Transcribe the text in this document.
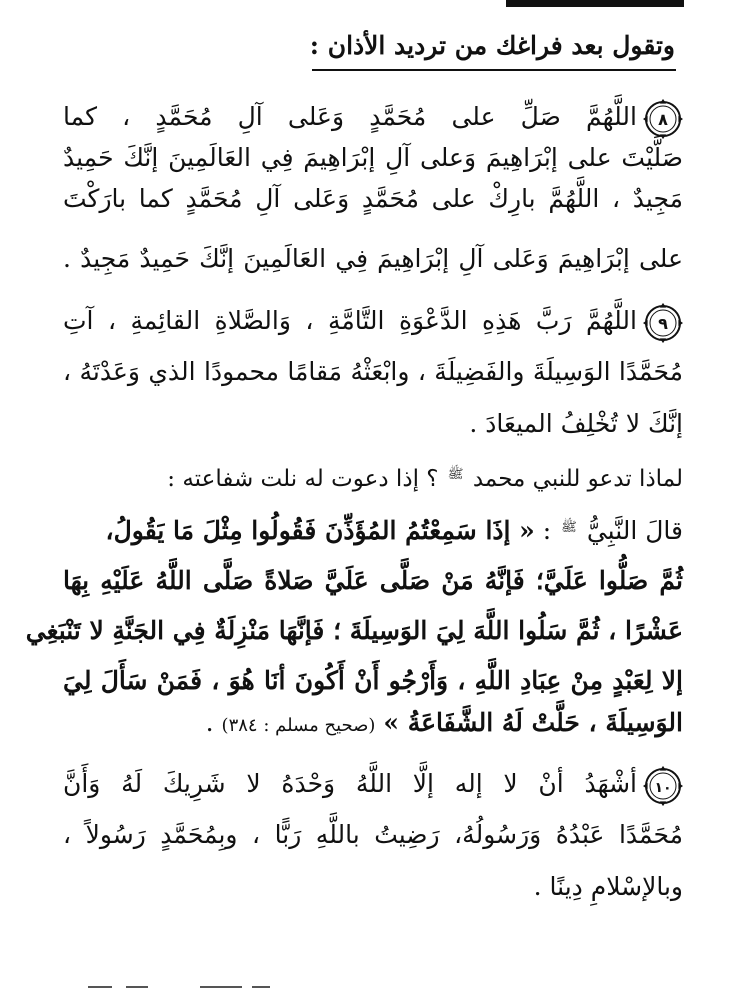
وتقول بعد فراغك من ترديد الأذان :
٨
اللَّهُمَّ صَلِّ على مُحَمَّدٍ وَعَلى آلِ مُحَمَّدٍ ، كما
صَلَّيْتَ على إبْرَاهِيمَ وَعلى آلِ إبْرَاهِيمَ فِي العَالَمِينَ إنَّكَ حَمِيدٌ
مَجِيدٌ ، اللَّهُمَّ بارِكْ على مُحَمَّدٍ وَعَلى آلِ مُحَمَّدٍ كما بارَكْتَ
على إبْرَاهِيمَ وَعَلى آلِ إبْرَاهِيمَ فِي العَالَمِينَ إنَّكَ حَمِيدٌ مَجِيدٌ .
٩
اللَّهُمَّ رَبَّ هَذِهِ الدَّعْوَةِ التَّامَّةِ ، وَالصَّلاةِ القائِمةِ ، آتِ
مُحَمَّدًا الوَسِيلَةَ والفَضِيلَةَ ، وابْعَثْهُ مَقامًا محمودًا الذي وَعَدْتَهُ ،
إنَّكَ لا تُخْلِفُ الميعَادَ .
لماذا تدعو للنبي محمد ﷺ ؟ إذا دعوت له نلت شفاعته :
قالَ النَّبِيُّ ﷺ : « إذَا سَمِعْتُمُ المُؤَذِّنَ فَقُولُوا مِثْلَ مَا يَقُولُ،
ثُمَّ صَلُّوا عَلَيَّ؛ فَإنَّهُ مَنْ صَلَّى عَلَيَّ صَلاةً صَلَّى اللَّهُ عَلَيْهِ بِهَا
عَشْرًا ، ثُمَّ سَلُوا اللَّهَ لِيَ الوَسِيلَةَ ؛ فَإنَّهَا مَنْزِلَةٌ فِي الجَنَّةِ لا تَنْبَغِي
إلا لِعَبْدٍ مِنْ عِبَادِ اللَّهِ ، وَأَرْجُو أَنْ أَكُونَ أنَا هُوَ ، فَمَنْ سَأَلَ لِيَ
الوَسِيلَةَ ، حَلَّتْ لَهُ الشَّفَاعَةُ » (صحيح مسلم : ٣٨٤) .
١٠
أشْهَدُ أنْ لا إله إلَّا اللَّهُ وَحْدَهُ لا شَرِيكَ لَهُ وَأَنَّ
مُحَمَّدًا عَبْدُهُ وَرَسُولُهُ، رَضِيتُ باللَّهِ رَبًّا ، وبِمُحَمَّدٍ رَسُولاً ،
وبالإسْلامِ دِينًا .
